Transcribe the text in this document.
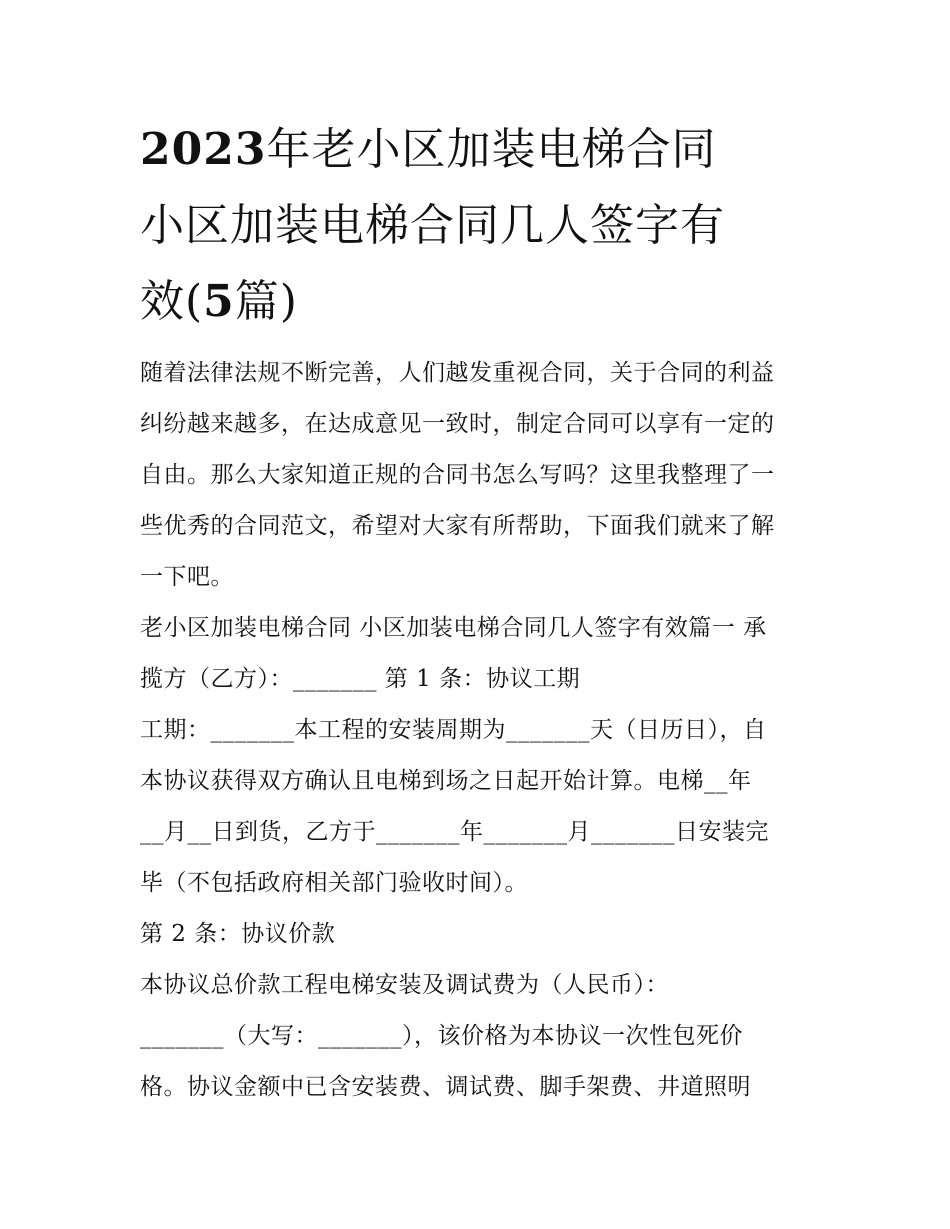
2023年老小区加装电梯合同
小区加装电梯合同几人签字有
效(5篇)

随着法律法规不断完善，人们越发重视合同，关于合同的利益
纠纷越来越多，在达成意见一致时，制定合同可以享有一定的
自由。那么大家知道正规的合同书怎么写吗？这里我整理了一
些优秀的合同范文，希望对大家有所帮助，下面我们就来了解
一下吧。

老小区加装电梯合同 小区加装电梯合同几人签字有效篇一 承
揽方（乙方）：_______ 第 1 条：协议工期

工期：_______本工程的安装周期为_______天（日历日），自
本协议获得双方确认且电梯到场之日起开始计算。电梯__年
__月__日到货，乙方于_______年_______月_______日安装完
毕（不包括政府相关部门验收时间）。

第 2 条：协议价款

本协议总价款工程电梯安装及调试费为（人民币）：
_______（大写：_______），该价格为本协议一次性包死价
格。协议金额中已含安装费、调试费、脚手架费、井道照明
